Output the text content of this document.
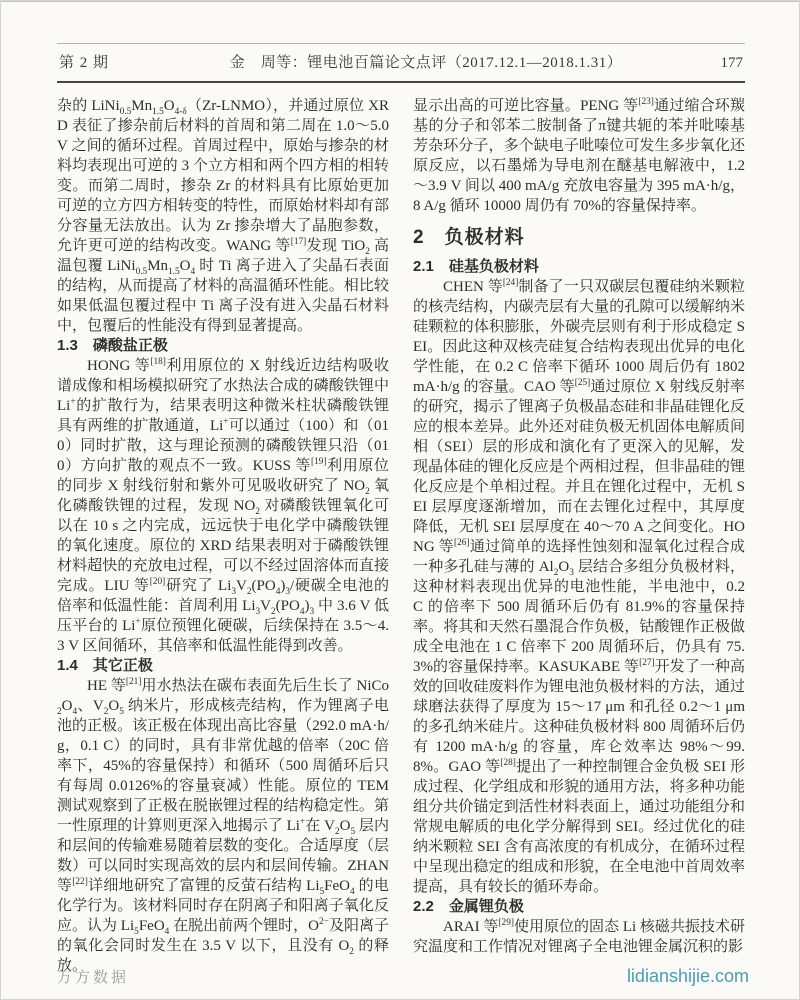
第 2 期	金　周等：锂电池百篇论文点评（2017.12.1—2018.1.31）	177

杂的 $LiNi_{0.5}Mn_{1.5}O_{4-\delta}(Zr-LNMO)$，并通过原位 XRD 表征了掺杂前后材料的首周和第二周在 1.0～5.0 V 之间的循环过程。首周过程中，原始与掺杂的材料均表现出可逆的 3 个立方相和两个四方相的相转变。而第二周时，掺杂 Zr 的材料具有比原始更加可逆的立方四方相转变的特性，而原始材料却有部分容量无法放出。认为 Zr 掺杂增大了晶胞参数，允许更可逆的结构改变。WANG 等[17]发现 TiO$_2$ 高温包覆 $LiNi_{0.5}Mn_{1.5}O_4$ 时 Ti 离子进入了尖晶石表面的结构，从而提高了材料的高温循环性能。相比较如果低温包覆过程中 Ti 离子没有进入尖晶石材料中，包覆后的性能没有得到显著提高。

1.3　磷酸盐正极

HONG 等[18]利用原位的 X 射线近边结构吸收谱成像和相场模拟研究了水热法合成的磷酸铁锂中 Li+的扩散行为，结果表明这种微米柱状磷酸铁锂具有两维的扩散通道，Li+可以通过（100）和（010）同时扩散，这与理论预测的磷酸铁锂只沿（010）方向扩散的观点不一致。KUSS 等[19]利用原位的同步 X 射线衍射和紫外可见吸收研究了 $NO_2$ 氧化磷酸铁锂的过程，发现 $NO_2$ 对磷酸铁锂氧化可以在 10 s 之内完成，远远快于电化学中磷酸铁锂的氧化速度。原位的 XRD 结果表明对于磷酸铁锂材料超快的充放电过程，可以不经过固溶体而直接完成。LIU 等[20]研究了 $Li_3V_2(PO_4)_3/$硬碳全电池的倍率和低温性能：首周利用 $Li_3V_2(PO_4)_3$ 中 3.6 V 低压平台的 Li+原位预锂化硬碳，后续保持在 3.5～4.3 V 区间循环，其倍率和低温性能得到改善。

1.4　其它正极

HE 等[21]用水热法在碳布表面先后生长了 $NiCo_2O_4$、$V_2O_5$ 纳米片，形成核壳结构，作为锂离子电池的正极。该正极在体现出高比容量（292.0 mA·h/g，0.1 C）的同时，具有非常优越的倍率（20C 倍率下，45%的容量保持）和循环（500 周循环后只有每周 0.0126%的容量衰减）性能。原位的 TEM 测试观察到了正极在脱嵌锂过程的结构稳定性。第一性原理的计算则更深入地揭示了 Li+在 $V_2O_5$ 层内和层间的传输难易随着层数的变化。合适厚度（层数）可以同时实现高效的层内和层间传输。ZHAN 等[22]详细地研究了富锂的反萤石结构 $Li_5FeO_4$ 的电化学行为。该材料同时存在阴离子和阳离子氧化反应。认为 $Li_5FeO_4$ 在脱出前两个锂时，$O^{2-}$及阳离子的氧化会同时发生在 3.5 V 以下，且没有 $O_2$ 的释放。

显示出高的可逆比容量。PENG 等[23]通过缩合环羰基的分子和邻苯二胺制备了π键共轭的苯并吡嗪基芳杂环分子，多个缺电子吡嗪位可发生多步氧化还原反应，以石墨烯为导电剂在醚基电解液中，1.2～3.9 V 间以 400 mA/g 充放电容量为 395 mA·h/g，8 A/g 循环 10000 周仍有 70%的容量保持率。

2　负极材料
2.1　硅基负极材料

CHEN 等[24]制备了一只双碳层包覆硅纳米颗粒的核壳结构，内碳壳层有大量的孔隙可以缓解纳米硅颗粒的体积膨胀，外碳壳层则有利于形成稳定 SEI。因此这种双核壳硅复合结构表现出优异的电化学性能，在 0.2 C 倍率下循环 1000 周后仍有 1802 mA·h/g 的容量。CAO 等[25]通过原位 X 射线反射率的研究，揭示了锂离子负极晶态硅和非晶硅锂化反应的根本差异。此外还对硅负极无机固体电解质间相（SEI）层的形成和演化有了更深入的见解，发现晶体硅的锂化反应是个两相过程，但非晶硅的锂化反应是个单相过程。并且在锂化过程中，无机 SEI 层厚度逐渐增加，而在去锂化过程中，其厚度降低，无机 SEI 层厚度在 40～70 A 之间变化。HONG 等[26]通过简单的选择性蚀刻和湿氧化过程合成一种多孔硅与薄的 $Al_2O_3$ 层结合多组分负极材料，这种材料表现出优异的电池性能，半电池中，0.2 C 的倍率下 500 周循环后仍有 81.9%的容量保持率。将其和天然石墨混合作负极，钴酸锂作正极做成全电池在 1 C 倍率下 200 周循环后，仍具有 75.3%的容量保持率。KASUKABE 等[27]开发了一种高效的回收硅废料作为锂电池负极材料的方法，通过球磨法获得了厚度为 15～17 μm 和孔径 0.2～1 μm 的多孔纳米硅片。这种硅负极材料 800 周循环后仍有 1200 mA·h/g 的容量，库仑效率达 98%～99.8%。GAO 等[28]提出了一种控制锂合金负极 SEI 形成过程、化学组成和形貌的通用方法，将多种功能组分共价锚定到活性材料表面上，通过功能组分和常规电解质的电化学分解得到 SEI。经过优化的硅纳米颗粒 SEI 含有高浓度的有机成分，在循环过程中呈现出稳定的组成和形貌，在全电池中首周效率提高，具有较长的循环寿命。

2.2　金属锂负极

ARAI 等[29]使用原位的固态 Li 核磁共振技术研究温度和工作情况对锂离子全电池锂金属沉积的影

万方数据	lidianshijie.com
